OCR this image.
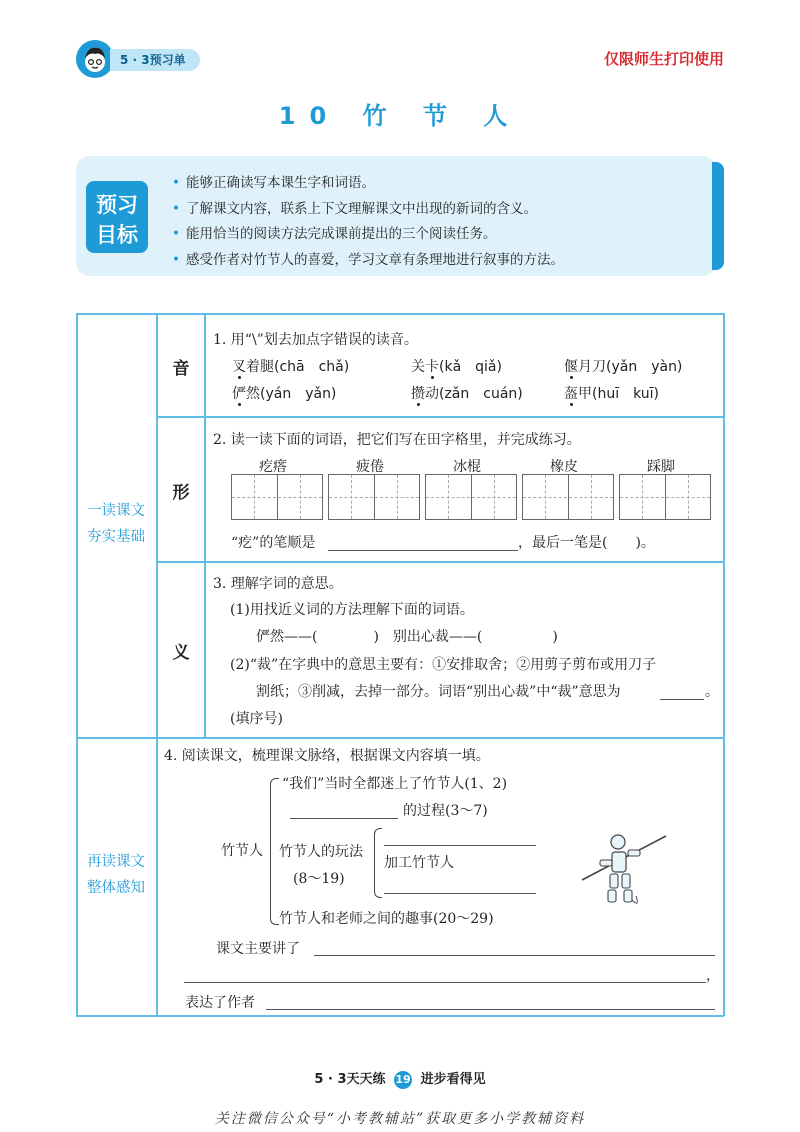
5 · 3预习单	仅限师生打印使用
10 竹 节 人
预习
目标
• 能够正确读写本课生字和词语。
• 了解课文内容，联系上下文理解课文中出现的新词的含义。
• 能用恰当的阅读方法完成课前提出的三个阅读任务。
• 感受作者对竹节人的喜爱，学习文章有条理地进行叙事的方法。
一读课文
夯实基础
再读课文
整体感知
音
1. 用“\”划去加点字错误的读音。
叉着腿(chā　chǎ)	关卡(kǎ　qiǎ)	偃月刀(yǎn　yàn)
俨然(yán　yǎn)	攒动(zǎn　cuán)	盔甲(huī　kuī)
形
2. 读一读下面的词语，把它们写在田字格里，并完成练习。
疙瘩	疲倦	冰棍	橡皮	踩脚
“疙”的笔顺是	，最后一笔是(　　)。
义
3. 理解字词的意思。
(1)用找近义词的方法理解下面的词语。
俨然——(　　　　)　别出心裁——(　　　　　)
(2)“裁”在字典中的意思主要有：①安排取舍；②用剪子剪布或用刀子
割纸；③削减，去掉一部分。词语“别出心裁”中“裁”意思为	。
(填序号)
4. 阅读课文，梳理课文脉络，根据课文内容填一填。
竹节人
“我们”当时全都迷上了竹节人(1、2)
的过程(3～7)
竹节人的玩法
(8～19)
加工竹节人
竹节人和老师之间的趣事(20～29)
课文主要讲了
，
表达了作者
5 · 3天天练 19 进步看得见
关注微信公众号“小考教辅站”获取更多小学教辅资料
